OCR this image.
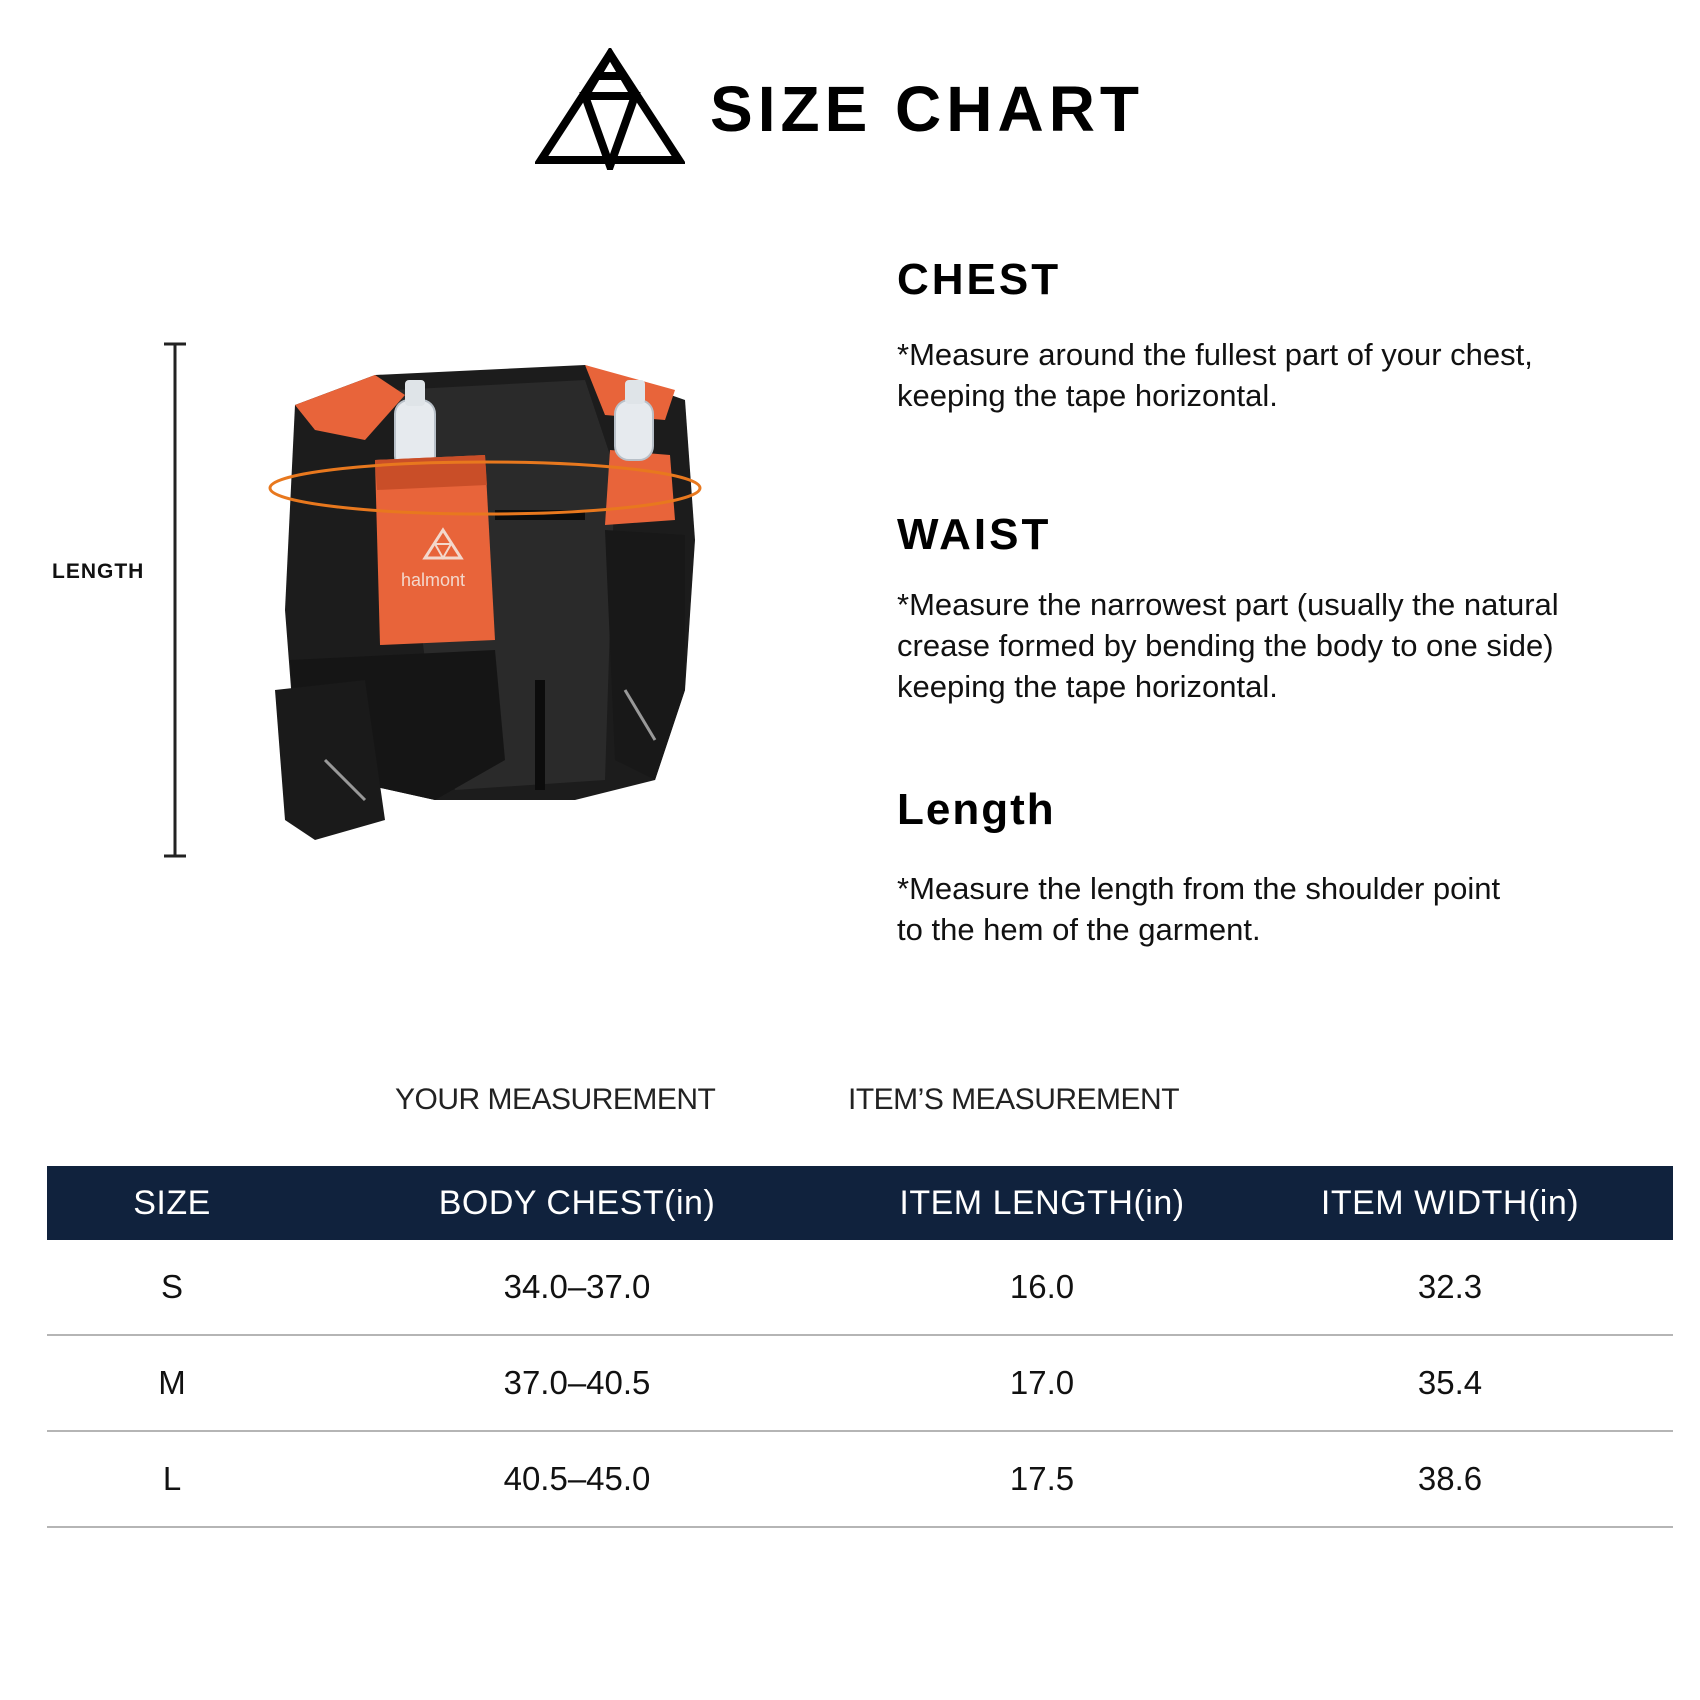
SIZE CHART
LENGTH	halmont
CHEST
*Measure around the fullest part of your chest,
keeping the tape horizontal.
WAIST
*Measure the narrowest part (usually the natural
crease formed by bending the body to one side)
keeping the tape horizontal.
Length
*Measure the length from the shoulder point
to the hem of the garment.
YOUR MEASUREMENT	ITEM’S MEASUREMENT
SIZE	BODY CHEST(in)	ITEM LENGTH(in)	ITEM WIDTH(in)
S	34.0–37.0	16.0	32.3
M	37.0–40.5	17.0	35.4
L	40.5–45.0	17.5	38.6
